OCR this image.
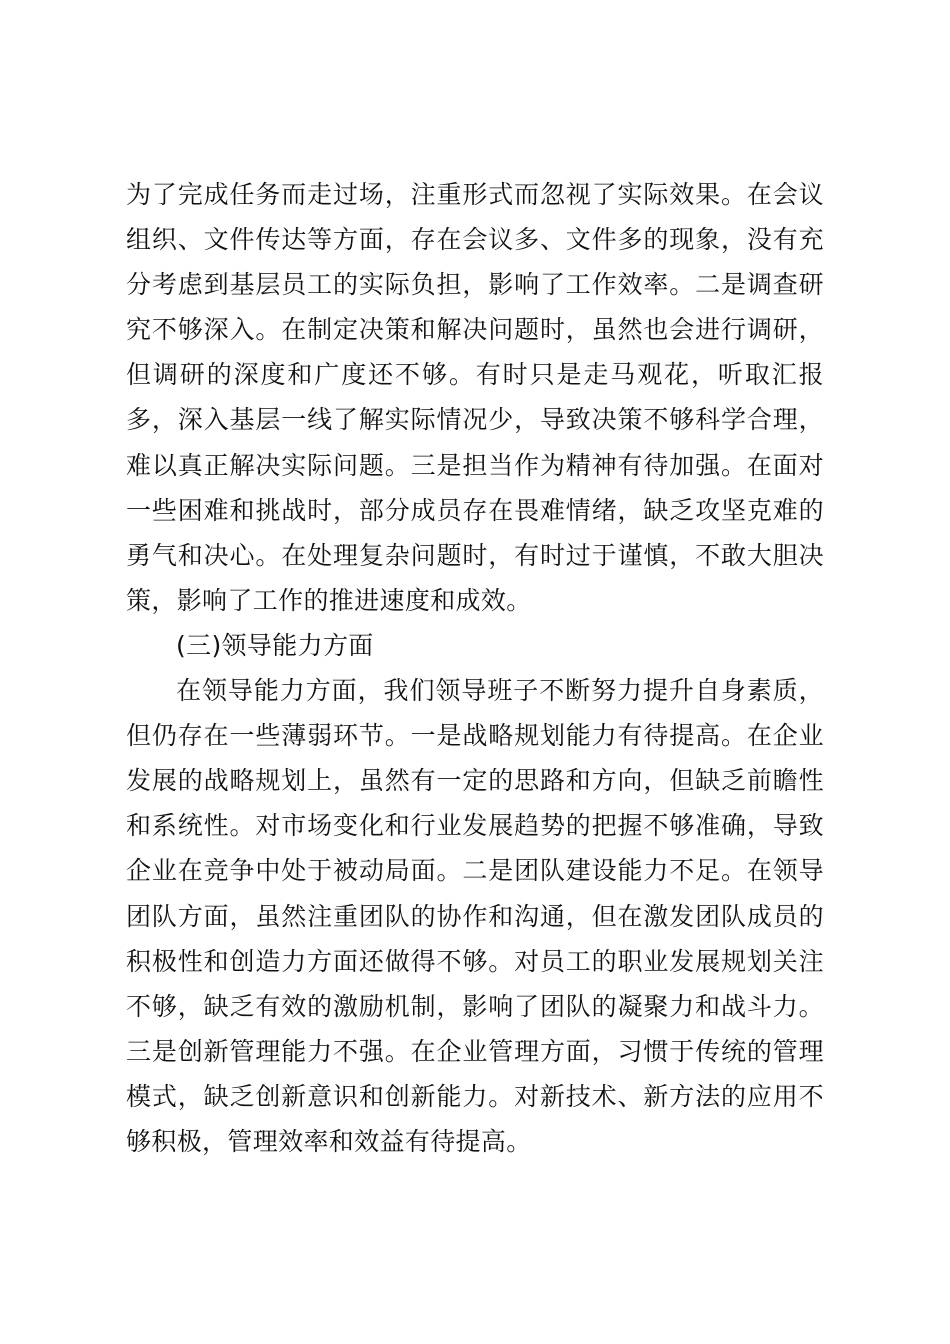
为了完成任务而走过场，注重形式而忽视了实际效果。在会议
组织、文件传达等方面，存在会议多、文件多的现象，没有充
分考虑到基层员工的实际负担，影响了工作效率。二是调查研
究不够深入。在制定决策和解决问题时，虽然也会进行调研，
但调研的深度和广度还不够。有时只是走马观花，听取汇报
多，深入基层一线了解实际情况少，导致决策不够科学合理，
难以真正解决实际问题。三是担当作为精神有待加强。在面对
一些困难和挑战时，部分成员存在畏难情绪，缺乏攻坚克难的
勇气和决心。在处理复杂问题时，有时过于谨慎，不敢大胆决
策，影响了工作的推进速度和成效。
(三)领导能力方面
在领导能力方面，我们领导班子不断努力提升自身素质，
但仍存在一些薄弱环节。一是战略规划能力有待提高。在企业
发展的战略规划上，虽然有一定的思路和方向，但缺乏前瞻性
和系统性。对市场变化和行业发展趋势的把握不够准确，导致
企业在竞争中处于被动局面。二是团队建设能力不足。在领导
团队方面，虽然注重团队的协作和沟通，但在激发团队成员的
积极性和创造力方面还做得不够。对员工的职业发展规划关注
不够，缺乏有效的激励机制，影响了团队的凝聚力和战斗力。
三是创新管理能力不强。在企业管理方面，习惯于传统的管理
模式，缺乏创新意识和创新能力。对新技术、新方法的应用不
够积极，管理效率和效益有待提高。
